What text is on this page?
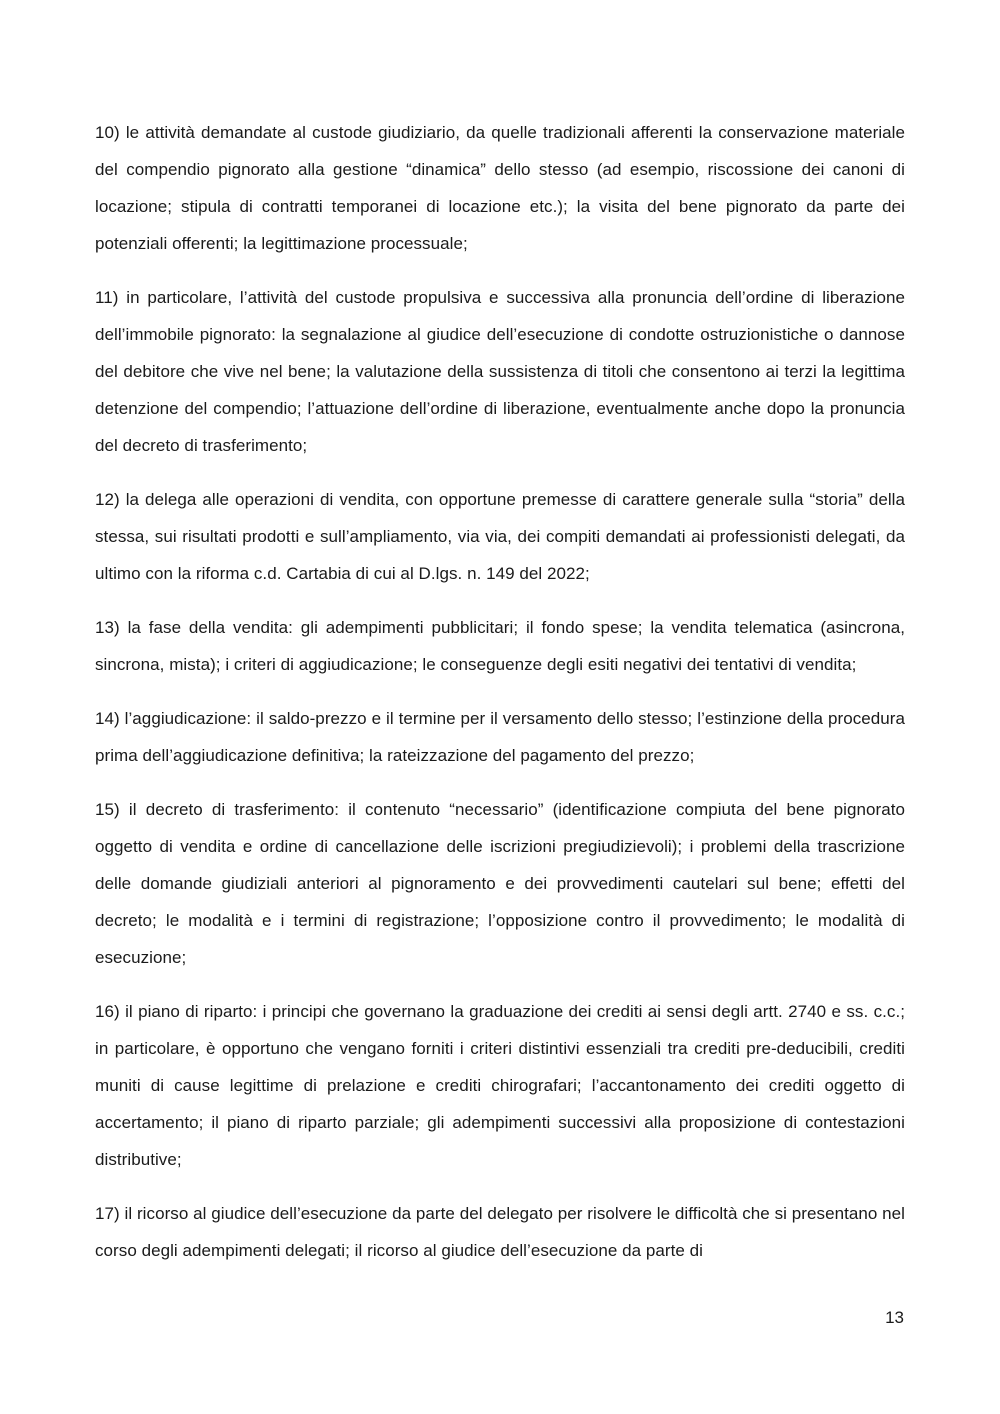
10) le attività demandate al custode giudiziario, da quelle tradizionali afferenti la conservazione materiale del compendio pignorato alla gestione “dinamica” dello stesso (ad esempio, riscossione dei canoni di locazione; stipula di contratti temporanei di locazione etc.); la visita del bene pignorato da parte dei potenziali offerenti; la legittimazione processuale;

11) in particolare, l’attività del custode propulsiva e successiva alla pronuncia dell’ordine di liberazione dell’immobile pignorato: la segnalazione al giudice dell’esecuzione di condotte ostruzionistiche o dannose del debitore che vive nel bene; la valutazione della sussistenza di titoli che consentono ai terzi la legittima detenzione del compendio; l’attuazione dell’ordine di liberazione, eventualmente anche dopo la pronuncia del decreto di trasferimento;

12) la delega alle operazioni di vendita, con opportune premesse di carattere generale sulla “storia” della stessa, sui risultati prodotti e sull’ampliamento, via via, dei compiti demandati ai professionisti delegati, da ultimo con la riforma c.d. Cartabia di cui al D.lgs. n. 149 del 2022;

13) la fase della vendita: gli adempimenti pubblicitari; il fondo spese; la vendita telematica (asincrona, sincrona, mista); i criteri di aggiudicazione; le conseguenze degli esiti negativi dei tentativi di vendita;

14) l’aggiudicazione: il saldo-prezzo e il termine per il versamento dello stesso; l’estinzione della procedura prima dell’aggiudicazione definitiva; la rateizzazione del pagamento del prezzo;

15) il decreto di trasferimento: il contenuto “necessario” (identificazione compiuta del bene pignorato oggetto di vendita e ordine di cancellazione delle iscrizioni pregiudizievoli); i problemi della trascrizione delle domande giudiziali anteriori al pignoramento e dei provvedimenti cautelari sul bene; effetti del decreto; le modalità e i termini di registrazione; l’opposizione contro il provvedimento; le modalità di esecuzione;

16) il piano di riparto: i principi che governano la graduazione dei crediti ai sensi degli artt. 2740 e ss. c.c.; in particolare, è opportuno che vengano forniti i criteri distintivi essenziali tra crediti pre-deducibili, crediti muniti di cause legittime di prelazione e crediti chirografari; l’accantonamento dei crediti oggetto di accertamento; il piano di riparto parziale; gli adempimenti successivi alla proposizione di contestazioni distributive;

17) il ricorso al giudice dell’esecuzione da parte del delegato per risolvere le difficoltà che si presentano nel corso degli adempimenti delegati; il ricorso al giudice dell’esecuzione da parte di

13
